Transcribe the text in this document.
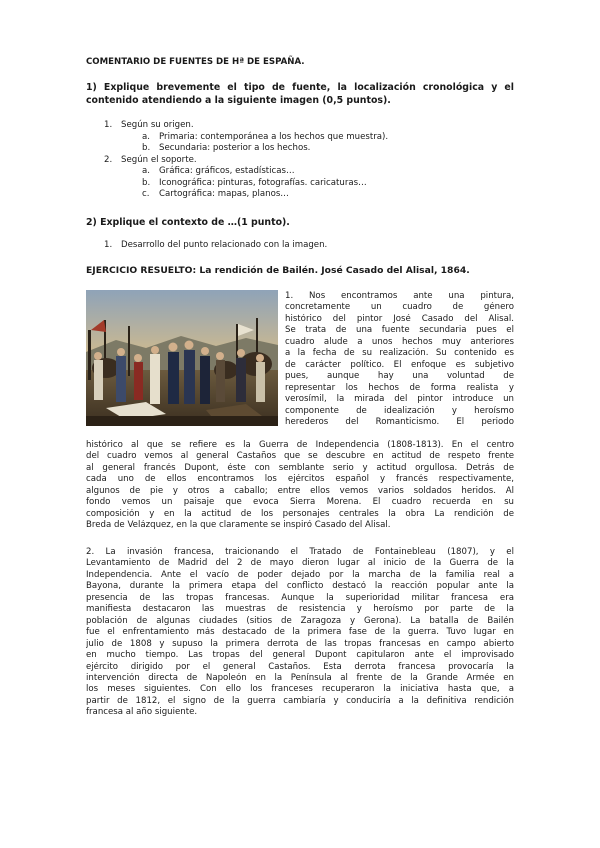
COMENTARIO DE FUENTES DE Hª DE ESPAÑA.
1) Explique brevemente el tipo de fuente, la localización cronológica y el contenido atendiendo a la siguiente imagen (0,5 puntos).
1. Según su origen.
a. Primaria: contemporánea a los hechos que muestra).
b. Secundaria: posterior a los hechos.
2. Según el soporte.
a. Gráfica: gráficos, estadísticas…
b. Iconográfica: pinturas, fotografías. caricaturas…
c. Cartográfica: mapas, planos…
2) Explique el contexto de …(1 punto).
1. Desarrollo del punto relacionado con la imagen.
EJERCICIO RESUELTO: La rendición de Bailén. José Casado del Alisal, 1864.
1. Nos encontramos ante una pintura,
concretamente un cuadro de género
histórico del pintor José Casado del Alisal.
Se trata de una fuente secundaria pues el
cuadro alude a unos hechos muy anteriores
a la fecha de su realización. Su contenido es
de carácter político. El enfoque es subjetivo
pues, aunque hay una voluntad de
representar los hechos de forma realista y
verosímil, la mirada del pintor introduce un
componente de idealización y heroísmo
herederos del Romanticismo. El periodo
histórico al que se refiere es la Guerra de Independencia (1808-1813). En el centro
del cuadro vemos al general Castaños que se descubre en actitud de respeto frente
al general francés Dupont, éste con semblante serio y actitud orgullosa. Detrás de
cada uno de ellos encontramos los ejércitos español y francés respectivamente,
algunos de pie y otros a caballo; entre ellos vemos varios soldados heridos. Al
fondo vemos un paisaje que evoca Sierra Morena. El cuadro recuerda en su
composición y en la actitud de los personajes centrales la obra La rendición de
Breda de Velázquez, en la que claramente se inspiró Casado del Alisal.
2. La invasión francesa, traicionando el Tratado de Fontainebleau (1807), y el
Levantamiento de Madrid del 2 de mayo dieron lugar al inicio de la Guerra de la
Independencia. Ante el vacío de poder dejado por la marcha de la familia real a
Bayona, durante la primera etapa del conflicto destacó la reacción popular ante la
presencia de las tropas francesas. Aunque la superioridad militar francesa era
manifiesta destacaron las muestras de resistencia y heroísmo por parte de la
población de algunas ciudades (sitios de Zaragoza y Gerona). La batalla de Bailén
fue el enfrentamiento más destacado de la primera fase de la guerra. Tuvo lugar en
julio de 1808 y supuso la primera derrota de las tropas francesas en campo abierto
en mucho tiempo. Las tropas del general Dupont capitularon ante el improvisado
ejército dirigido por el general Castaños. Esta derrota francesa provocaría la
intervención directa de Napoleón en la Península al frente de la Grande Armée en
los meses siguientes. Con ello los franceses recuperaron la iniciativa hasta que, a
partir de 1812, el signo de la guerra cambiaría y conduciría a la definitiva rendición
francesa al año siguiente.
